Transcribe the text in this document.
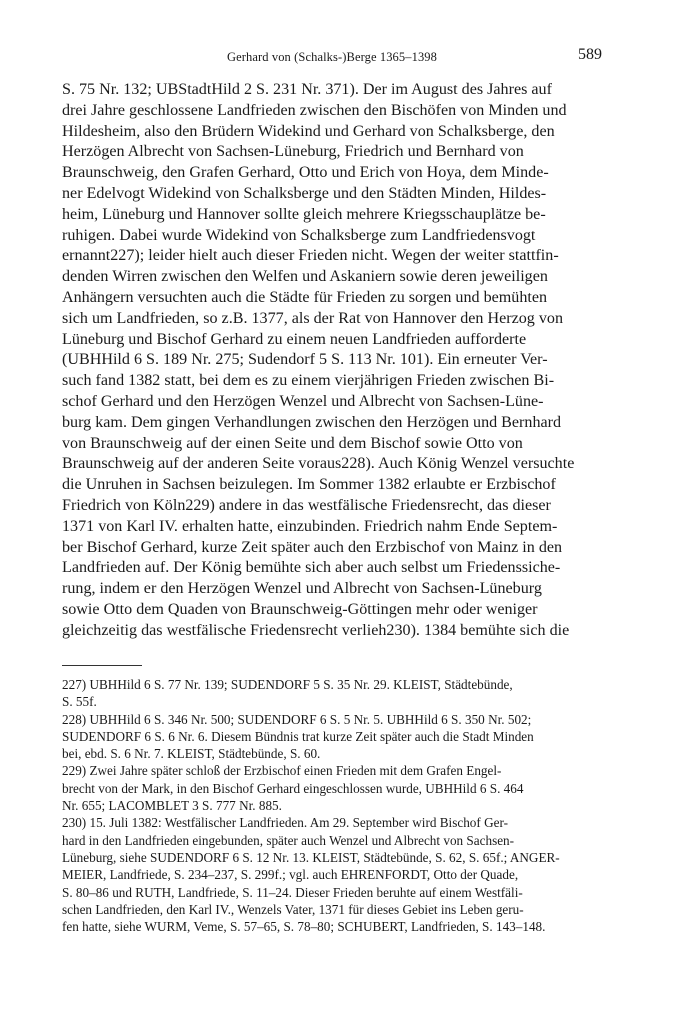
Gerhard von (Schalks-)Berge 1365–1398	589
S. 75 Nr. 132; UBStadtHild 2 S. 231 Nr. 371). Der im August des Jahres auf
drei Jahre geschlossene Landfrieden zwischen den Bischöfen von Minden und
Hildesheim, also den Brüdern Widekind und Gerhard von Schalksberge, den
Herzögen Albrecht von Sachsen-Lüneburg, Friedrich und Bernhard von
Braunschweig, den Grafen Gerhard, Otto und Erich von Hoya, dem Minde-
ner Edelvogt Widekind von Schalksberge und den Städten Minden, Hildes-
heim, Lüneburg und Hannover sollte gleich mehrere Kriegsschauplätze be-
ruhigen. Dabei wurde Widekind von Schalksberge zum Landfriedensvogt
ernannt227); leider hielt auch dieser Frieden nicht. Wegen der weiter stattfin-
denden Wirren zwischen den Welfen und Askaniern sowie deren jeweiligen
Anhängern versuchten auch die Städte für Frieden zu sorgen und bemühten
sich um Landfrieden, so z.B. 1377, als der Rat von Hannover den Herzog von
Lüneburg und Bischof Gerhard zu einem neuen Landfrieden aufforderte
(UBHHild 6 S. 189 Nr. 275; Sudendorf 5 S. 113 Nr. 101). Ein erneuter Ver-
such fand 1382 statt, bei dem es zu einem vierjährigen Frieden zwischen Bi-
schof Gerhard und den Herzögen Wenzel und Albrecht von Sachsen-Lüne-
burg kam. Dem gingen Verhandlungen zwischen den Herzögen und Bernhard
von Braunschweig auf der einen Seite und dem Bischof sowie Otto von
Braunschweig auf der anderen Seite voraus228). Auch König Wenzel versuchte
die Unruhen in Sachsen beizulegen. Im Sommer 1382 erlaubte er Erzbischof
Friedrich von Köln229) andere in das westfälische Friedensrecht, das dieser
1371 von Karl IV. erhalten hatte, einzubinden. Friedrich nahm Ende Septem-
ber Bischof Gerhard, kurze Zeit später auch den Erzbischof von Mainz in den
Landfrieden auf. Der König bemühte sich aber auch selbst um Friedenssiche-
rung, indem er den Herzögen Wenzel und Albrecht von Sachsen-Lüneburg
sowie Otto dem Quaden von Braunschweig-Göttingen mehr oder weniger
gleichzeitig das westfälische Friedensrecht verlieh230). 1384 bemühte sich die
227) UBHHild 6 S. 77 Nr. 139; SUDENDORF 5 S. 35 Nr. 29. KLEIST, Städtebünde,
S. 55f.
228) UBHHild 6 S. 346 Nr. 500; SUDENDORF 6 S. 5 Nr. 5. UBHHild 6 S. 350 Nr. 502;
SUDENDORF 6 S. 6 Nr. 6. Diesem Bündnis trat kurze Zeit später auch die Stadt Minden
bei, ebd. S. 6 Nr. 7. KLEIST, Städtebünde, S. 60.
229) Zwei Jahre später schloß der Erzbischof einen Frieden mit dem Grafen Engel-
brecht von der Mark, in den Bischof Gerhard eingeschlossen wurde, UBHHild 6 S. 464
Nr. 655; LACOMBLET 3 S. 777 Nr. 885.
230) 15. Juli 1382: Westfälischer Landfrieden. Am 29. September wird Bischof Ger-
hard in den Landfrieden eingebunden, später auch Wenzel und Albrecht von Sachsen-
Lüneburg, siehe SUDENDORF 6 S. 12 Nr. 13. KLEIST, Städtebünde, S. 62, S. 65f.; ANGER-
MEIER, Landfriede, S. 234–237, S. 299f.; vgl. auch EHRENFORDT, Otto der Quade,
S. 80–86 und RUTH, Landfriede, S. 11–24. Dieser Frieden beruhte auf einem Westfäli-
schen Landfrieden, den Karl IV., Wenzels Vater, 1371 für dieses Gebiet ins Leben geru-
fen hatte, siehe WURM, Veme, S. 57–65, S. 78–80; SCHUBERT, Landfrieden, S. 143–148.
